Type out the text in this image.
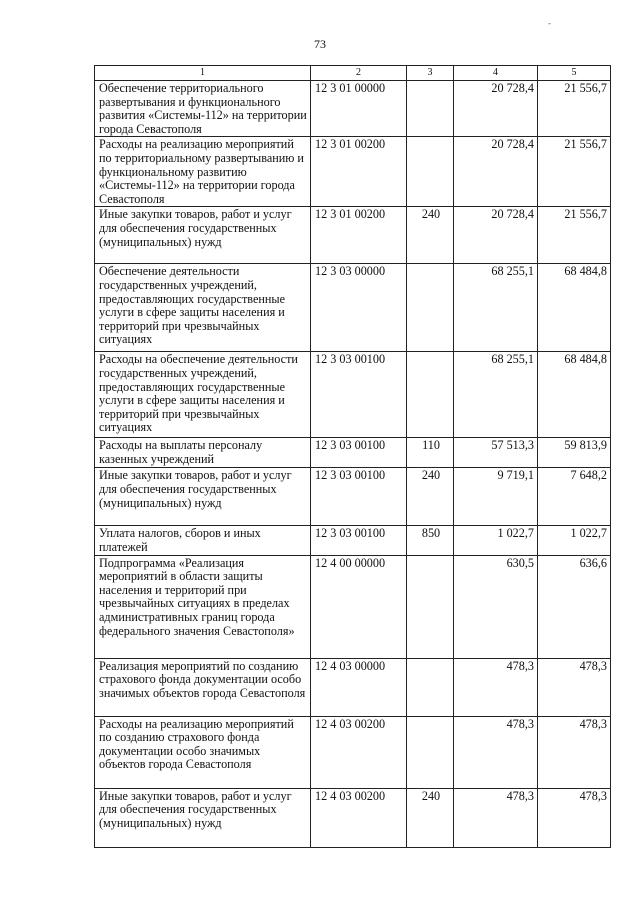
-
73
1	2	3	4	5
Обеспечение территориального развертывания и функционального развития «Системы-112» на территории города Севастополя	12 3 01 00000		20 728,4	21 556,7
Расходы на реализацию мероприятий по территориальному развертыванию и функциональному развитию «Системы-112» на территории города Севастополя	12 3 01 00200		20 728,4	21 556,7
Иные закупки товаров, работ и услуг для обеспечения государственных (муниципальных) нужд	12 3 01 00200	240	20 728,4	21 556,7
Обеспечение деятельности государственных учреждений, предоставляющих государственные услуги в сфере защиты населения и территорий при чрезвычайных ситуациях	12 3 03 00000		68 255,1	68 484,8
Расходы на обеспечение деятельности государственных учреждений, предоставляющих государственные услуги в сфере защиты населения и территорий при чрезвычайных ситуациях	12 3 03 00100		68 255,1	68 484,8
Расходы на выплаты персоналу казенных учреждений	12 3 03 00100	110	57 513,3	59 813,9
Иные закупки товаров, работ и услуг для обеспечения государственных (муниципальных) нужд	12 3 03 00100	240	9 719,1	7 648,2
Уплата налогов, сборов и иных платежей	12 3 03 00100	850	1 022,7	1 022,7
Подпрограмма «Реализация мероприятий в области защиты населения и территорий при чрезвычайных ситуациях в пределах административных границ города федерального значения Севастополя»	12 4 00 00000		630,5	636,6
Реализация мероприятий по созданию страхового фонда документации особо значимых объектов города Севастополя	12 4 03 00000		478,3	478,3
Расходы на реализацию мероприятий по созданию страхового фонда документации особо значимых объектов города Севастополя	12 4 03 00200		478,3	478,3
Иные закупки товаров, работ и услуг для обеспечения государственных (муниципальных) нужд	12 4 03 00200	240	478,3	478,3
